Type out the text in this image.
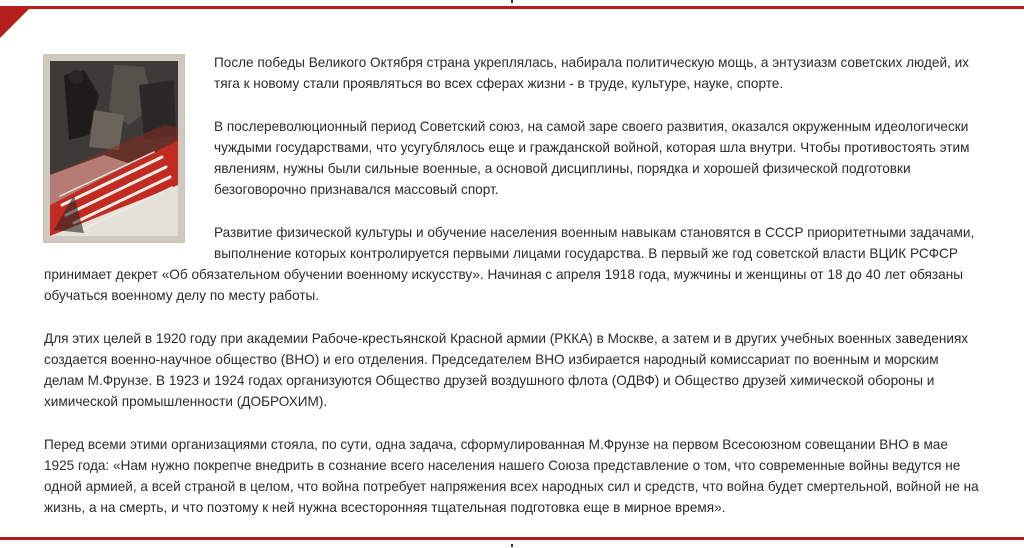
После победы Великого Октября страна укреплялась, набирала политическую мощь, а энтузиазм советских людей, их тяга к новому стали проявляться во всех сферах жизни - в труде, культуре, науке, спорте.

В послереволюционный период Советский союз, на самой заре своего развития, оказался окруженным идеологически чуждыми государствами, что усугублялось еще и гражданской войной, которая шла внутри. Чтобы противостоять этим явлениям, нужны были сильные военные, а основой дисциплины, порядка и хорошей физической подготовки безоговорочно признавался массовый спорт.

Развитие физической культуры и обучение населения военным навыкам становятся в СССР приоритетными задачами, выполнение которых контролируется первыми лицами государства. В первый же год советской власти ВЦИК РСФСР принимает декрет «Об обязательном обучении военному искусству». Начиная с апреля 1918 года, мужчины и женщины от 18 до 40 лет обязаны обучаться военному делу по месту работы.

Для этих целей в 1920 году при академии Рабоче-крестьянской Красной армии (РККА) в Москве, а затем и в других учебных военных заведениях создается военно-научное общество (ВНО) и его отделения. Председателем ВНО избирается народный комиссариат по военным и морским делам М.Фрунзе. В 1923 и 1924 годах организуются Общество друзей воздушного флота (ОДВФ) и Общество друзей химической обороны и химической промышленности (ДОБРОХИМ).

Перед всеми этими организациями стояла, по сути, одна задача, сформулированная М.Фрунзе на первом Всесоюзном совещании ВНО в мае 1925 года: «Нам нужно покрепче внедрить в сознание всего населения нашего Союза представление о том, что современные войны ведутся не одной армией, а всей страной в целом, что война потребует напряжения всех народных сил и средств, что война будет смертельной, войной не на жизнь, а на смерть, и что поэтому к ней нужна всесторонняя тщательная подготовка еще в мирное время».
